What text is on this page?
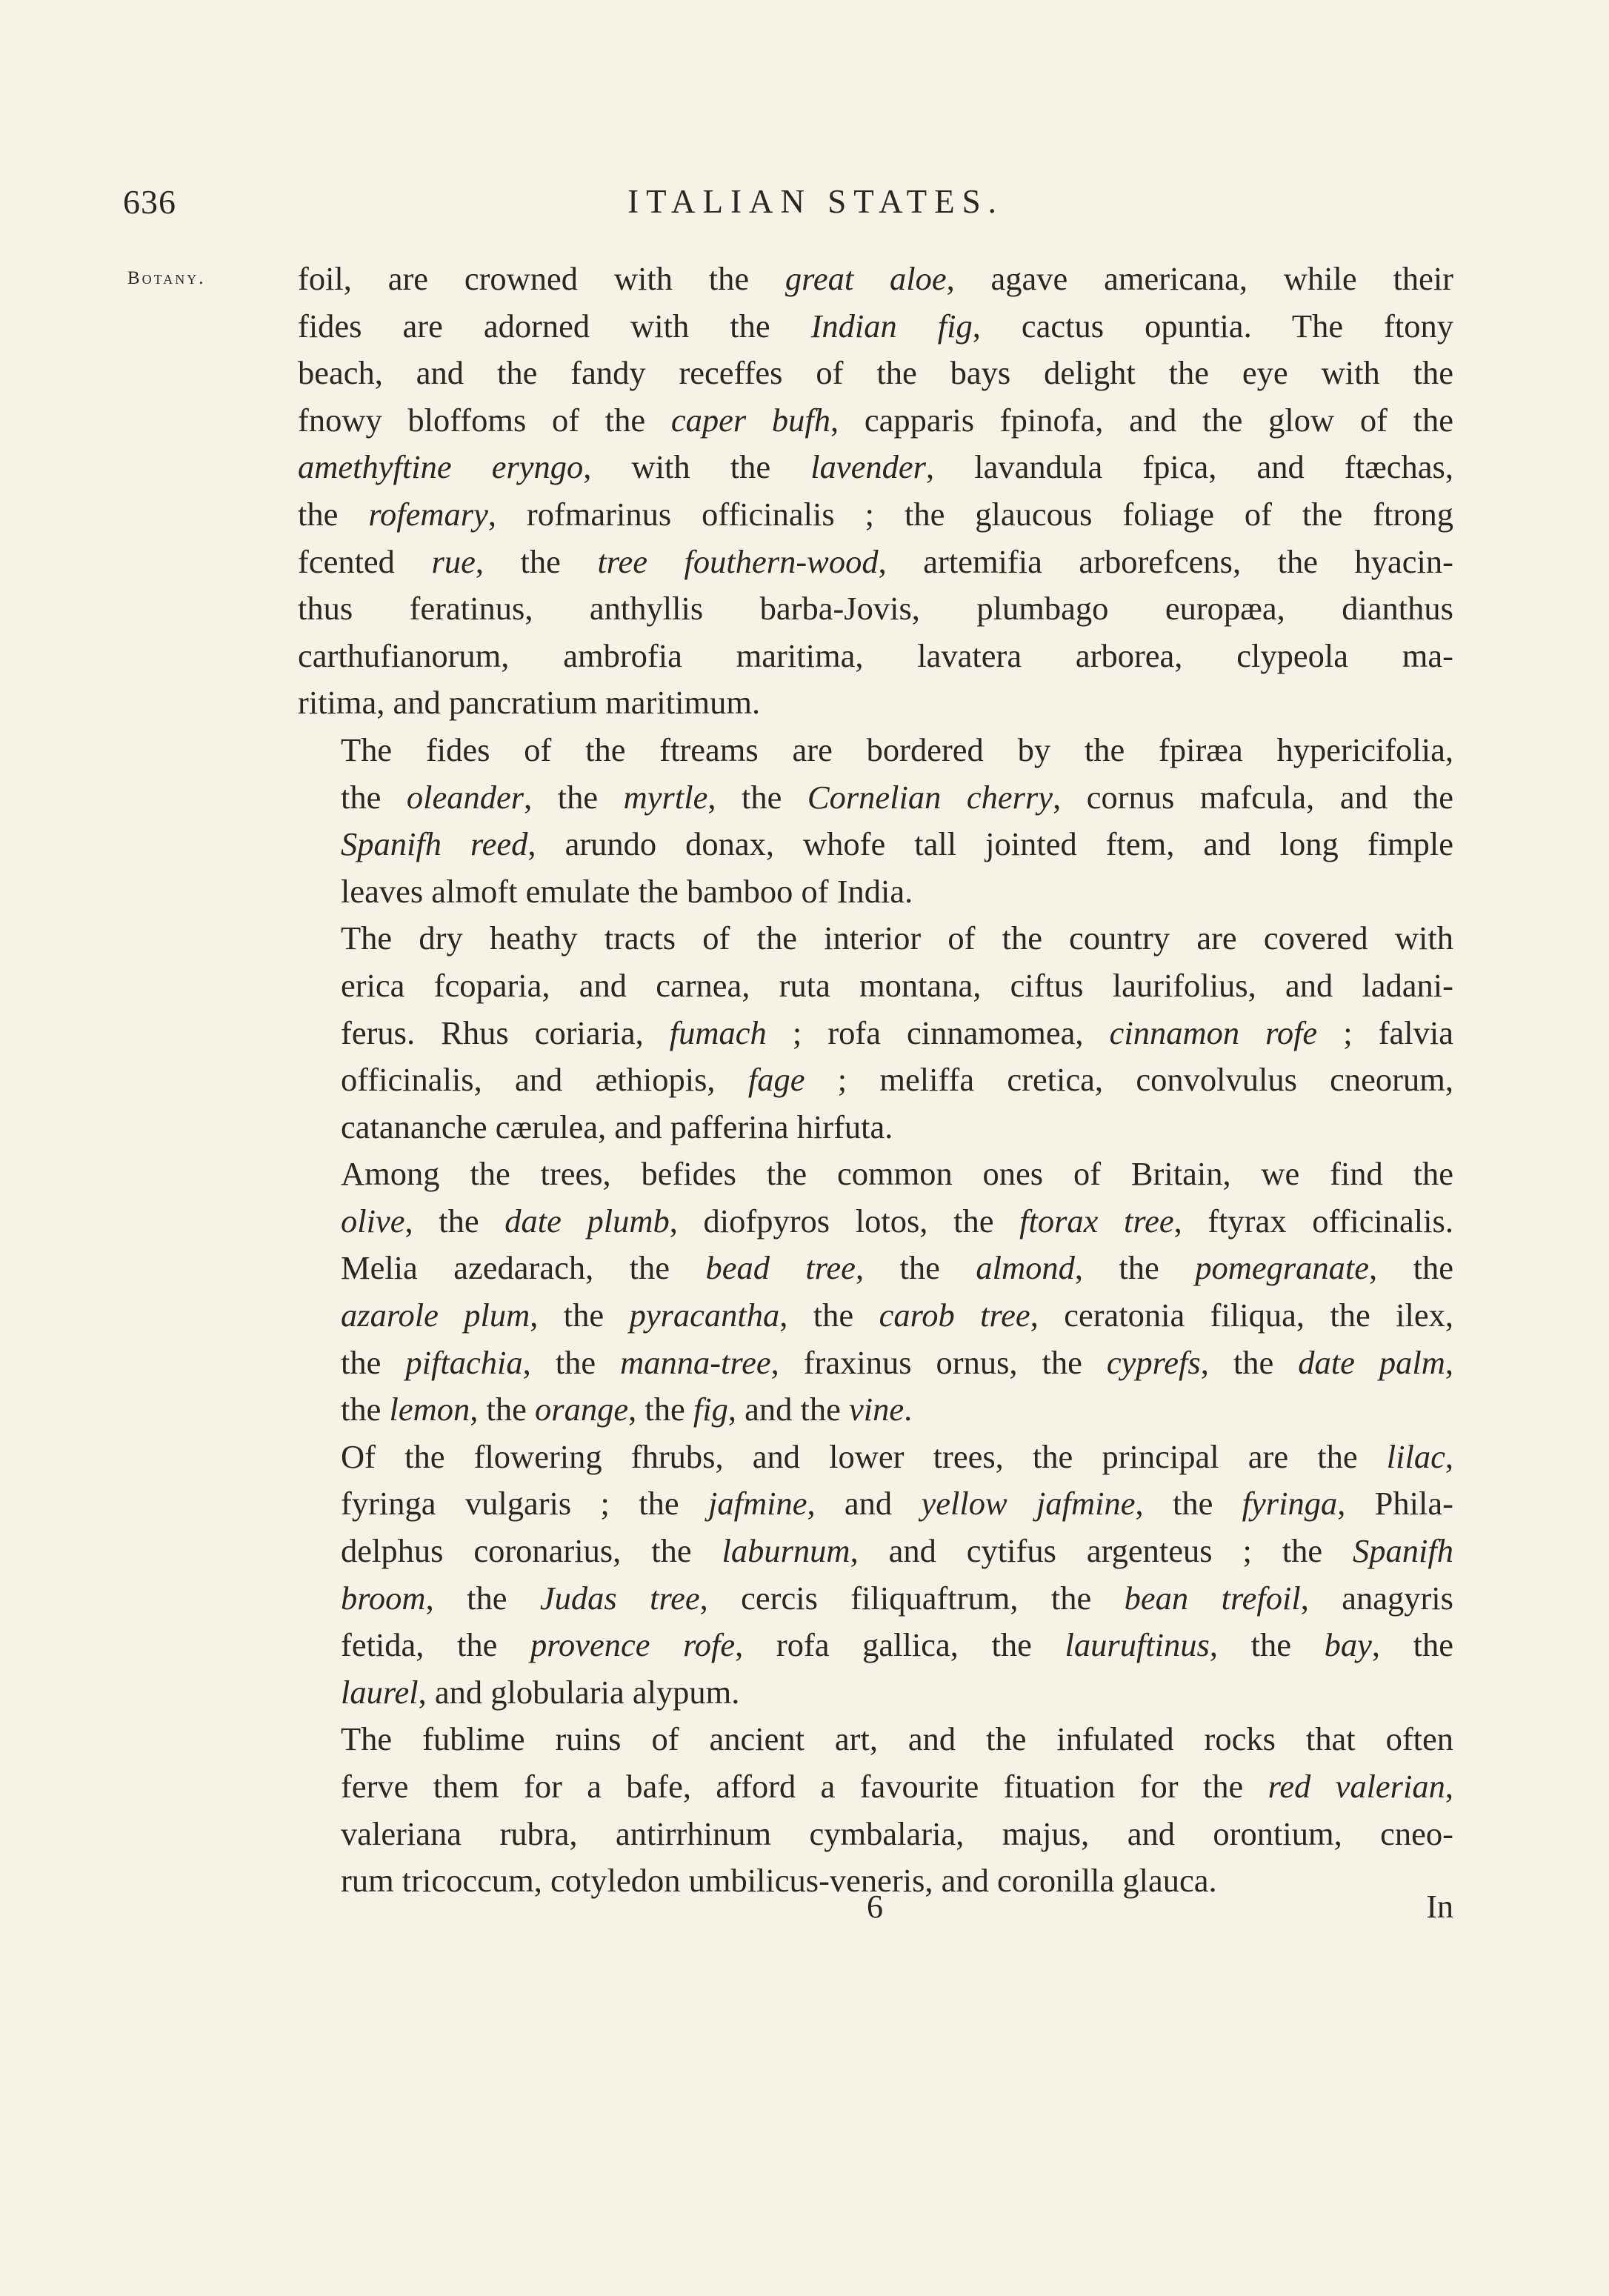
636	ITALIAN STATES.
Botany.	foil, are crowned with the great aloe, agave americana, while their
fides are adorned with the Indian fig, cactus opuntia. The ftony
beach, and the fandy receffes of the bays delight the eye with the
fnowy bloffoms of the caper bufh, capparis fpinofa, and the glow of the
amethyftine eryngo, with the lavender, lavandula fpica, and ftæchas,
the rofemary, rofmarinus officinalis ; the glaucous foliage of the ftrong
fcented rue, the tree fouthern-wood, artemifia arborefcens, the hyacin-
thus feratinus, anthyllis barba-Jovis, plumbago europæa, dianthus
carthufianorum, ambrofia maritima, lavatera arborea, clypeola ma-
ritima, and pancratium maritimum.

The fides of the ftreams are bordered by the fpiræa hypericifolia,
the oleander, the myrtle, the Cornelian cherry, cornus mafcula, and the
Spanifh reed, arundo donax, whofe tall jointed ftem, and long fimple
leaves almoft emulate the bamboo of India.

The dry heathy tracts of the interior of the country are covered with
erica fcoparia, and carnea, ruta montana, ciftus laurifolius, and ladani-
ferus. Rhus coriaria, fumach ; rofa cinnamomea, cinnamon rofe ; falvia
officinalis, and æthiopis, fage ; meliffa cretica, convolvulus cneorum,
catananche cærulea, and pafferina hirfuta.

Among the trees, befides the common ones of Britain, we find the
olive, the date plumb, diofpyros lotos, the ftorax tree, ftyrax officinalis.
Melia azedarach, the bead tree, the almond, the pomegranate, the
azarole plum, the pyracantha, the carob tree, ceratonia filiqua, the ilex,
the piftachia, the manna-tree, fraxinus ornus, the cyprefs, the date palm,
the lemon, the orange, the fig, and the vine.

Of the flowering fhrubs, and lower trees, the principal are the lilac,
fyringa vulgaris ; the jafmine, and yellow jafmine, the fyringa, Phila-
delphus coronarius, the laburnum, and cytifus argenteus ; the Spanifh
broom, the Judas tree, cercis filiquaftrum, the bean trefoil, anagyris
fetida, the provence rofe, rofa gallica, the lauruftinus, the bay, the
laurel, and globularia alypum.

The fublime ruins of ancient art, and the infulated rocks that often
ferve them for a bafe, afford a favourite fituation for the red valerian,
valeriana rubra, antirrhinum cymbalaria, majus, and orontium, cneo-
rum tricoccum, cotyledon umbilicus-veneris, and coronilla glauca.

6	In
